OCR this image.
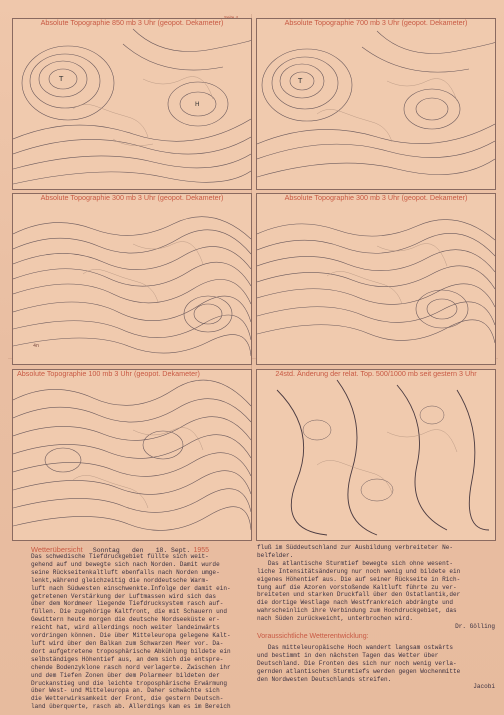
Absolute Topographie 850 mb 3 Uhr (geopot. Dekameter)
T
H
Absolute Topographie 700 mb 3 Uhr (geopot. Dekameter)
T
Absolute Topographie 300 mb 3 Uhr (geopot. Dekameter)	Absolute Topographie 300 mb 3 Uhr (geopot. Dekameter)
4n
Absolute Topographie 100 mb 3 Uhr (geopot. Dekameter)	24std. Änderung der relat. Top. 500/1000 mb seit gestern 3 Uhr
Wetterübersicht Sonntag den 18. Sept. 1955
Das schwedische Tiefdruckgebiet füllte sich weit-
gehend auf und bewegte sich nach Norden. Damit wurde
seine Rückseitenkaltluft ebenfalls nach Norden umge-
lenkt,während gleichzeitig die norddeutsche Warm-
luft nach Südwesten einschwenkte.Infolge der damit ein-
getretenen Verstärkung der Luftmassen wird sich das
über dem Nordmeer liegende Tiefdrucksystem rasch auf-
füllen. Die zugehörige Kaltfront, die mit Schauern und
Gewittern heute morgen die deutsche Nordseeküste er-
reicht hat, wird allerdings noch weiter landeinwärts
vordringen können. Die über Mitteleuropa gelegene Kalt-
luft wird über den Balkan zum Schwarzen Meer vor. Da-
dort aufgetretene troposphärische Abkühlung bildete ein
selbständiges Höhentief aus, an dem sich die entspre-
chende Bodenzyklone rasch nord verlagerte. Zwischen ihr
und dem Tiefen Zonen über dem Polarmeer bildeten der
Druckanstieg und die leichte troposphärische Erwärmung
über West- und Mitteleuropa an. Daher schwächte sich
die Wetterwirksamkeit der Front, die gestern Deutsch-
land überquerte, rasch ab. Allerdings kam es im Bereich
fluß im Süddeutschland zur Ausbildung verbreiteter Ne-
belfelder.
Das atlantische Sturmtief bewegte sich ohne wesent-
liche Intensitätsänderung nur noch wenig und bildete ein
eigenes Höhentief aus. Die auf seiner Rückseite in Rich-
tung auf die Azoren vorstoßende Kaltluft führte zu ver-
breiteten und starken Druckfall über den Ostatlantik,der
die dortige Westlage nach Westfrankreich abdrängte und
wahrscheinlich ihre Verbindung zum Hochdruckgebiet, das
nach Süden zurückweicht, unterbrochen wird.
Dr. Gölling
Voraussichtliche Wetterentwicklung:
Das mitteleuropäische Hoch wandert langsam ostwärts
und bestimmt in den nächsten Tagen das Wetter über
Deutschland. Die Fronten des sich nur noch wenig verla-
gernden atlantischen Sturmtiefs werden gegen Wochenmitte
den Nordwesten Deutschlands streifen.
Jacobi
